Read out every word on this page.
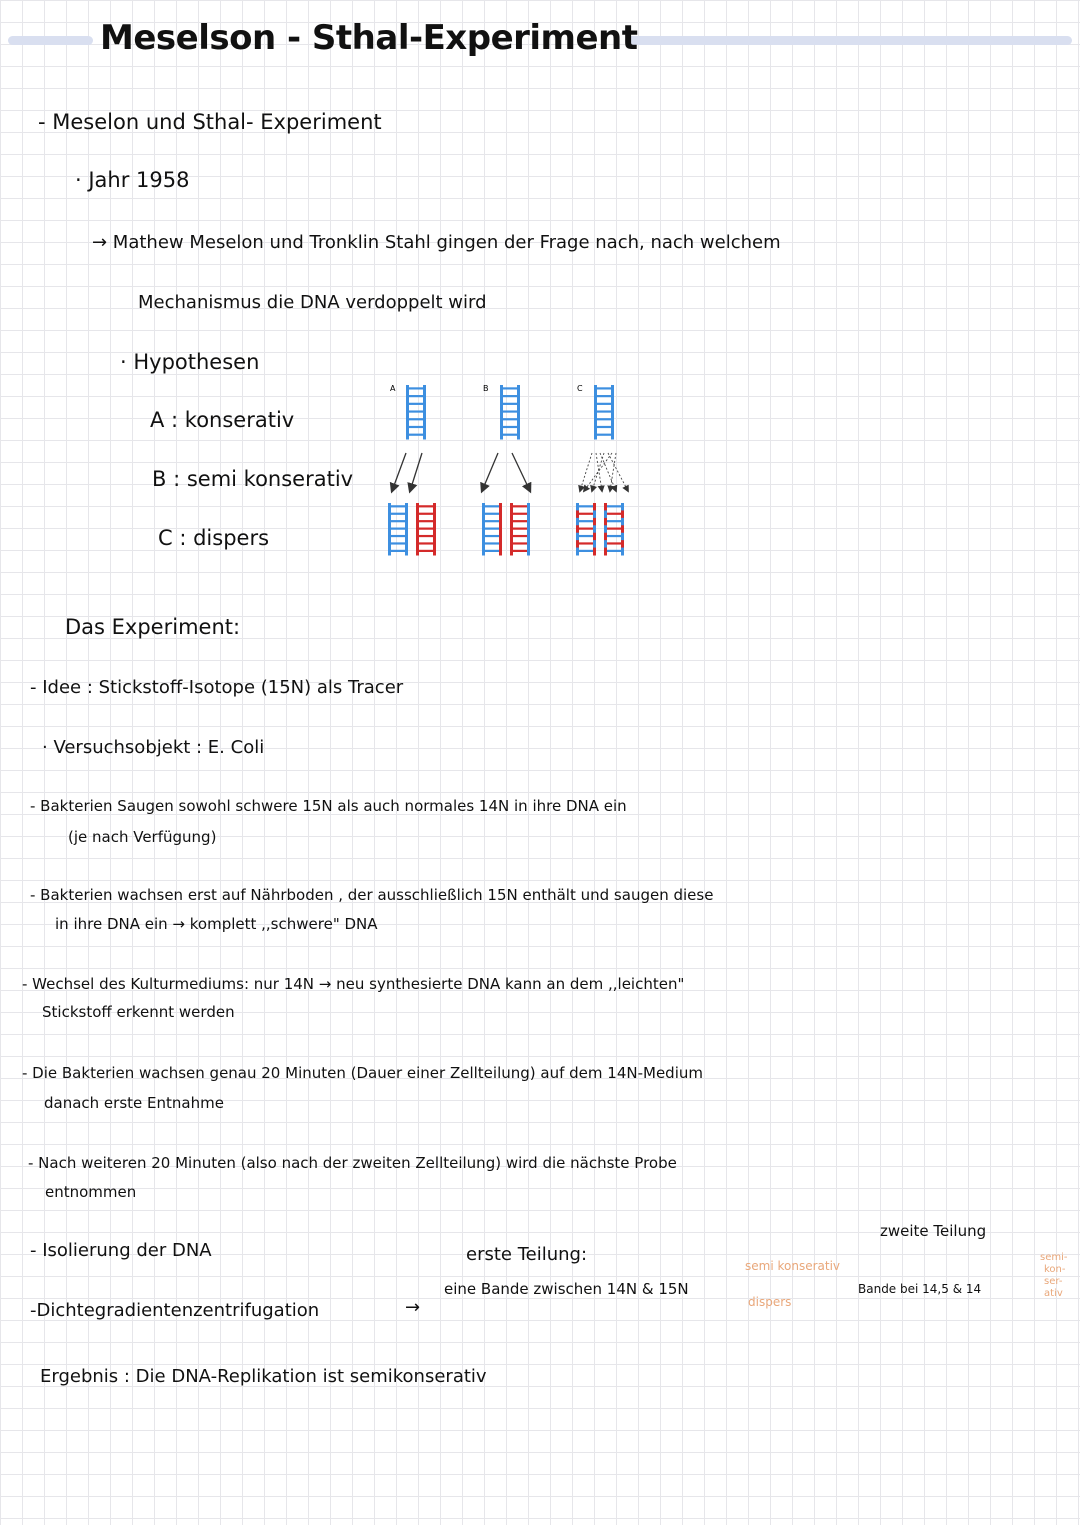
Meselson - Sthal-Experiment
- Meselon und Sthal- Experiment
· Jahr 1958
→ Mathew Meselon und Tronklin Stahl gingen der Frage nach, nach welchem
Mechanismus die DNA verdoppelt wird
· Hypothesen
A : konserativ
B : semi konserativ
C : dispers
A	B	C
Das Experiment:
- Idee : Stickstoff-Isotope (15N) als Tracer
· Versuchsobjekt : E. Coli
- Bakterien Saugen sowohl schwere 15N als auch normales 14N in ihre DNA ein
(je nach Verfügung)
- Bakterien wachsen erst auf Nährboden , der ausschließlich 15N enthält und saugen diese
in ihre DNA ein → komplett ,,schwere" DNA
- Wechsel des Kulturmediums: nur 14N → neu synthesierte DNA kann an dem ,,leichten"
Stickstoff erkennt werden
- Die Bakterien wachsen genau 20 Minuten (Dauer einer Zellteilung) auf dem 14N-Medium
danach erste Entnahme
- Nach weiteren 20 Minuten (also nach der zweiten Zellteilung) wird die nächste Probe
entnommen
- Isolierung der DNA
-Dichtegradientenzentrifugation	→
erste Teilung:
eine Bande zwischen 14N & 15N
semi konserativ
dispers
zweite Teilung
Bande bei 14,5 & 14
semi-
kon-
ser-
ativ
Ergebnis : Die DNA-Replikation ist semikonserativ
